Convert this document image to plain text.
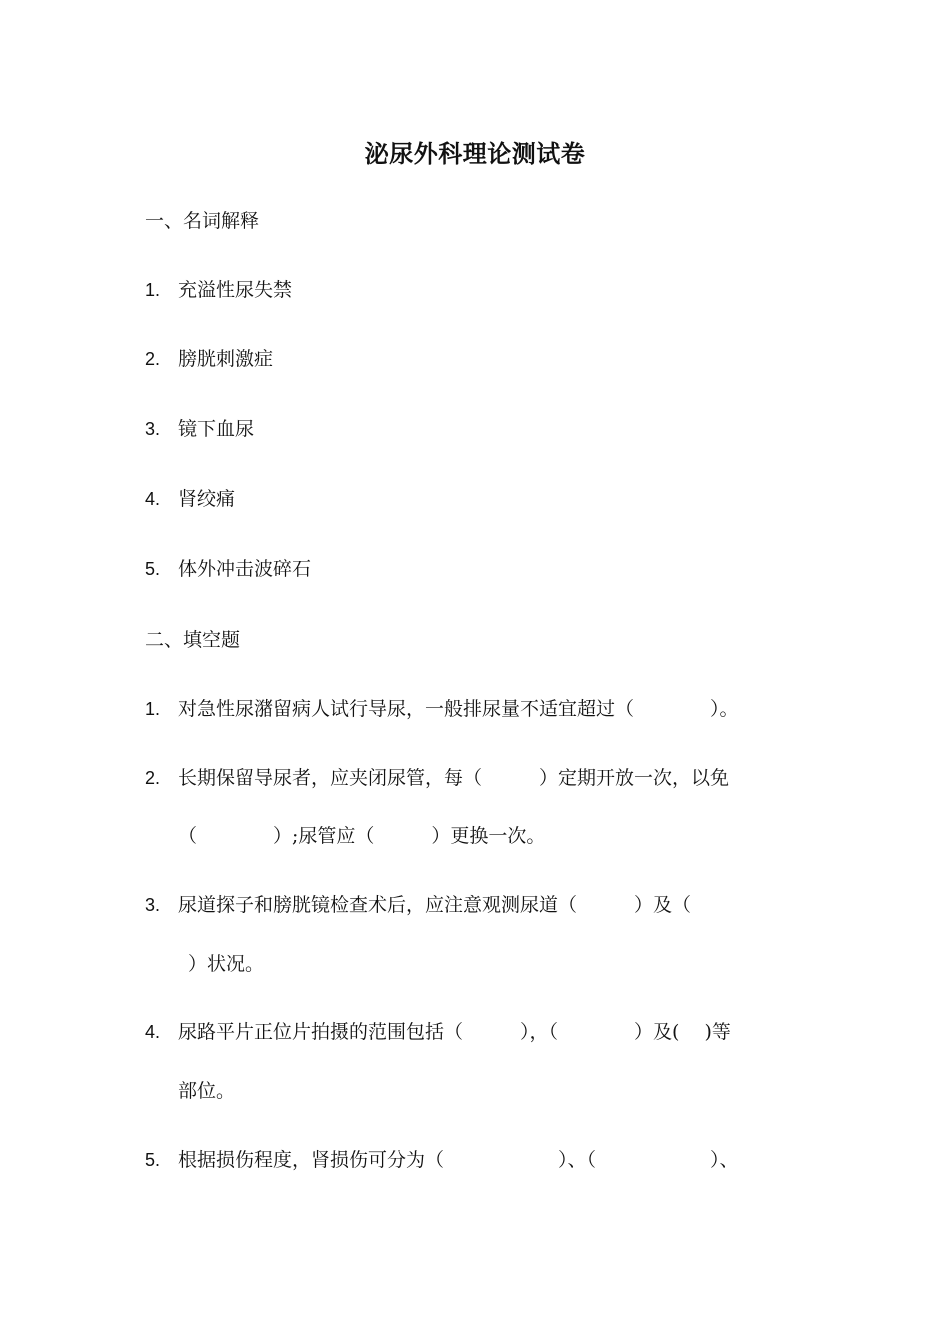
泌尿外科理论测试卷
一、名词解释
1. 充溢性尿失禁
2. 膀胱刺激症
3. 镜下血尿
4. 肾绞痛
5. 体外冲击波碎石
二、填空题
1. 对急性尿潴留病人试行导尿，一般排尿量不适宜超过（　　　　）。
2. 长期保留导尿者，应夹闭尿管，每（　　　）定期开放一次，以免
（　　　　）;尿管应（　　　）更换一次。
3. 尿道探子和膀胱镜检查术后，应注意观测尿道（　　　）及（
）状况。
4. 尿路平片正位片拍摄的范围包括（　　　），（　　　　）及(　 )等
部位。
5. 根据损伤程度，肾损伤可分为（　　　　　　）、（　　　　　　）、
